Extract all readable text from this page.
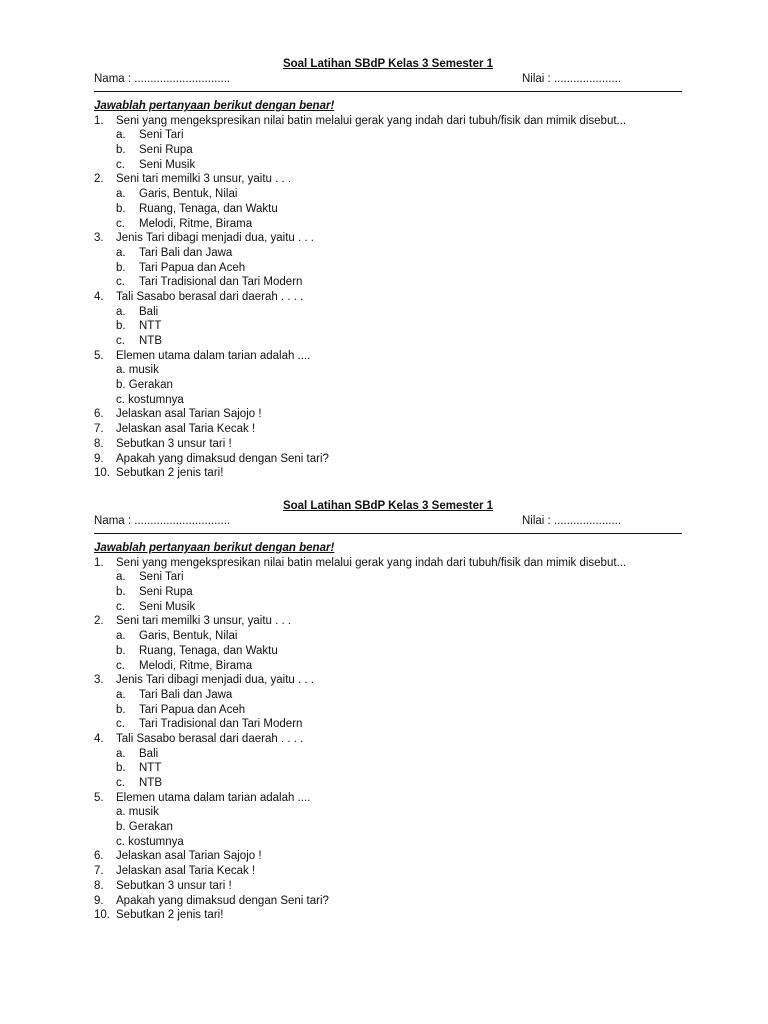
Soal Latihan SBdP Kelas 3 Semester 1
Nama : ..............................	Nilai : .....................
Jawablah pertanyaan berikut dengan benar!
1. Seni yang mengekspresikan nilai batin melalui gerak yang indah dari tubuh/fisik dan mimik disebut...
a. Seni Tari
b. Seni Rupa
c. Seni Musik
2. Seni tari memilki 3 unsur, yaitu . . .
a. Garis, Bentuk, Nilai
b. Ruang, Tenaga, dan Waktu
c. Melodi, Ritme, Birama
3. Jenis Tari dibagi menjadi dua, yaitu . . .
a. Tari Bali dan Jawa
b. Tari Papua dan Aceh
c. Tari Tradisional dan Tari Modern
4. Tali Sasabo berasal dari daerah . . . .
a. Bali
b. NTT
c. NTB
5. Elemen utama dalam tarian adalah ....
a. musik
b. Gerakan
c. kostumnya
6. Jelaskan asal Tarian Sajojo !
7. Jelaskan asal Taria Kecak !
8. Sebutkan 3 unsur tari !
9. Apakah yang dimaksud dengan Seni tari?
10. Sebutkan 2 jenis tari!
Soal Latihan SBdP Kelas 3 Semester 1
Nama : ..............................	Nilai : .....................
Jawablah pertanyaan berikut dengan benar!
1. Seni yang mengekspresikan nilai batin melalui gerak yang indah dari tubuh/fisik dan mimik disebut...
a. Seni Tari
b. Seni Rupa
c. Seni Musik
2. Seni tari memilki 3 unsur, yaitu . . .
a. Garis, Bentuk, Nilai
b. Ruang, Tenaga, dan Waktu
c. Melodi, Ritme, Birama
3. Jenis Tari dibagi menjadi dua, yaitu . . .
a. Tari Bali dan Jawa
b. Tari Papua dan Aceh
c. Tari Tradisional dan Tari Modern
4. Tali Sasabo berasal dari daerah . . . .
a. Bali
b. NTT
c. NTB
5. Elemen utama dalam tarian adalah ....
a. musik
b. Gerakan
c. kostumnya
6. Jelaskan asal Tarian Sajojo !
7. Jelaskan asal Taria Kecak !
8. Sebutkan 3 unsur tari !
9. Apakah yang dimaksud dengan Seni tari?
10. Sebutkan 2 jenis tari!
